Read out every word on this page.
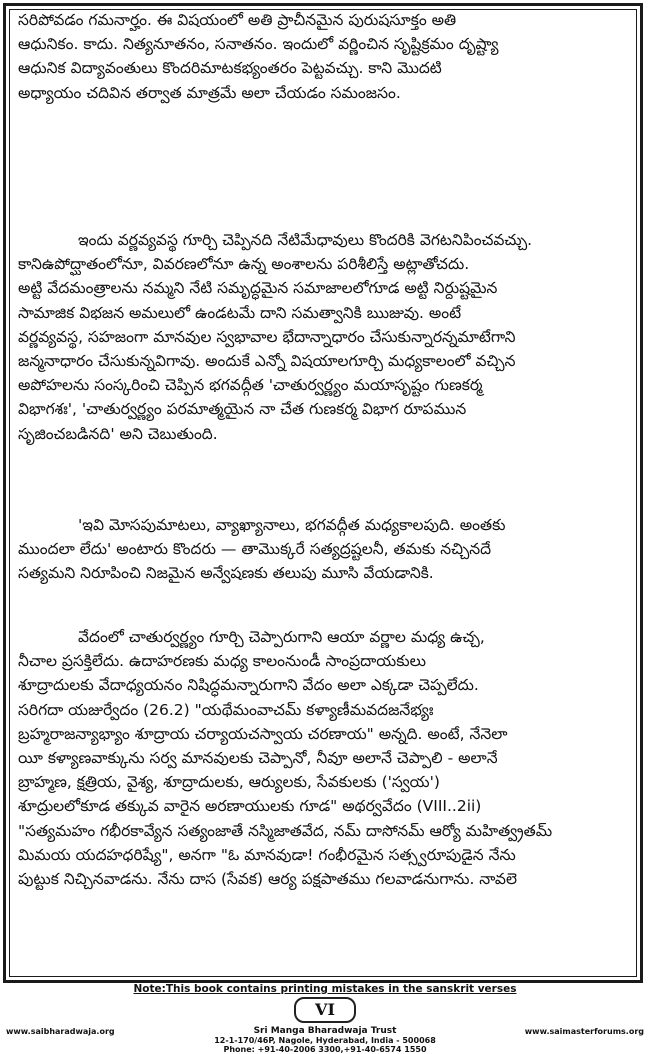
సరిపోవడం గమనార్హం. ఈ విషయంలో అతి ప్రాచీనమైన పురుషసూక్తం అతి
ఆధునికం. కాదు. నిత్యనూతనం, సనాతనం. ఇందులో వర్ణించిన సృష్టిక్రమం దృష్ట్యా
ఆధునిక విద్యావంతులు కొందరిమాటకభ్యంతరం పెట్టవచ్చు. కాని మొదటి
అధ్యాయం చదివిన తర్వాత మాత్రమే అలా చేయడం సమంజసం.
ఇందు వర్ణవ్యవస్థ గూర్చి చెప్పినది నేటిమేధావులు కొందరికి వెగటనిపించవచ్చు.
కానిఉపోద్ఘాతంలోనూ, వివరణలోనూ ఉన్న అంశాలను పరిశీలిస్తే అట్లాతోచదు.
అట్టి వేదమంత్రాలను నమ్మని నేటి సమృద్ధమైన సమాజాలలోగూడ అట్టి నిర్దుష్టమైన
సామాజిక విభజన అమలులో ఉండటమే దాని సమత్వానికి ఋజువు. అంటే
వర్ణవ్యవస్థ, సహజంగా మానవుల స్వభావాల భేదాన్నాధారం చేసుకున్నారన్నమాటేగాని
జన్మనాధారం చేసుకున్నవిగావు. అందుకే ఎన్నో విషయాలగూర్చి మధ్యకాలంలో వచ్చిన
అపోహలను సంస్కరించి చెప్పిన భగవద్గీత 'చాతుర్వర్ణ్యం మయాసృష్టం గుణకర్మ
విభాగశః', 'చాతుర్వర్ణ్యం పరమాత్మయైన నా చేత గుణకర్మ విభాగ రూపమున
సృజించబడినది' అని చెబుతుంది.
'ఇవి మోసపుమాటలు, వ్యాఖ్యానాలు, భగవద్గీత మధ్యకాలపుది. అంతకు
ముందలా లేదు' అంటారు కొందరు — తామొక్కరే సత్యద్రష్టలనీ, తమకు నచ్చినదే
సత్యమని నిరూపించి నిజమైన అన్వేషణకు తలుపు మూసి వేయడానికి.
వేదంలో చాతుర్వర్ణ్యం గూర్చి చెప్పారుగాని ఆయా వర్ణాల మధ్య ఉచ్చ,
నీచాల ప్రసక్తిలేదు. ఉదాహరణకు మధ్య కాలంనుండీ సాంప్రదాయకులు
శూద్రాదులకు వేదాధ్యయనం నిషిద్ధమన్నారుగాని వేదం అలా ఎక్కడా చెప్పలేదు.
సరిగదా యజుర్వేదం (26.2) "యథేమంవాచమ్ కళ్యాణీమవదజనేభ్యః
బ్రహ్మరాజన్యాభ్యాం శూద్రాయ చర్యాయచస్వాయ చరణాయ" అన్నది. అంటే, నేనెలా
యీ కళ్యాణవాక్కును సర్వ మానవులకు చెప్పానో, నీవూ అలానే చెప్పాలి - అలానే
బ్రాహ్మణ, క్షత్రియ, వైశ్య, శూద్రాదులకు, ఆర్యులకు, సేవకులకు ('స్వయ')
శూద్రులలోకూడ తక్కువ వారైన అరణాయులకు గూడ" అథర్వవేదం (VIII..2ii)
"సత్యమహం గభీరకావ్యేన సత్యంజాతే నస్మిజాతవేద, నమ్ దాసోనమ్ ఆర్యో మహిత్వ్రతమ్
మిమయ యదహధరిష్యే", అనగా "ఓ మానవుడా! గంభీరమైన సత్స్వరూపుడైన నేను
పుట్టుక నిచ్చినవాడను. నేను దాస (సేవక) ఆర్య పక్షపాతము గలవాడనుగాను. నావలె
Note:This book contains printing mistakes in the sanskrit verses
VI
www.saibharadwaja.org	Sri Manga Bharadwaja Trust
12-1-170/46P, Nagole, Hyderabad, India - 500068
Phone: +91-40-2006 3300,+91-40-6574 1550
www.saimasterforums.org
